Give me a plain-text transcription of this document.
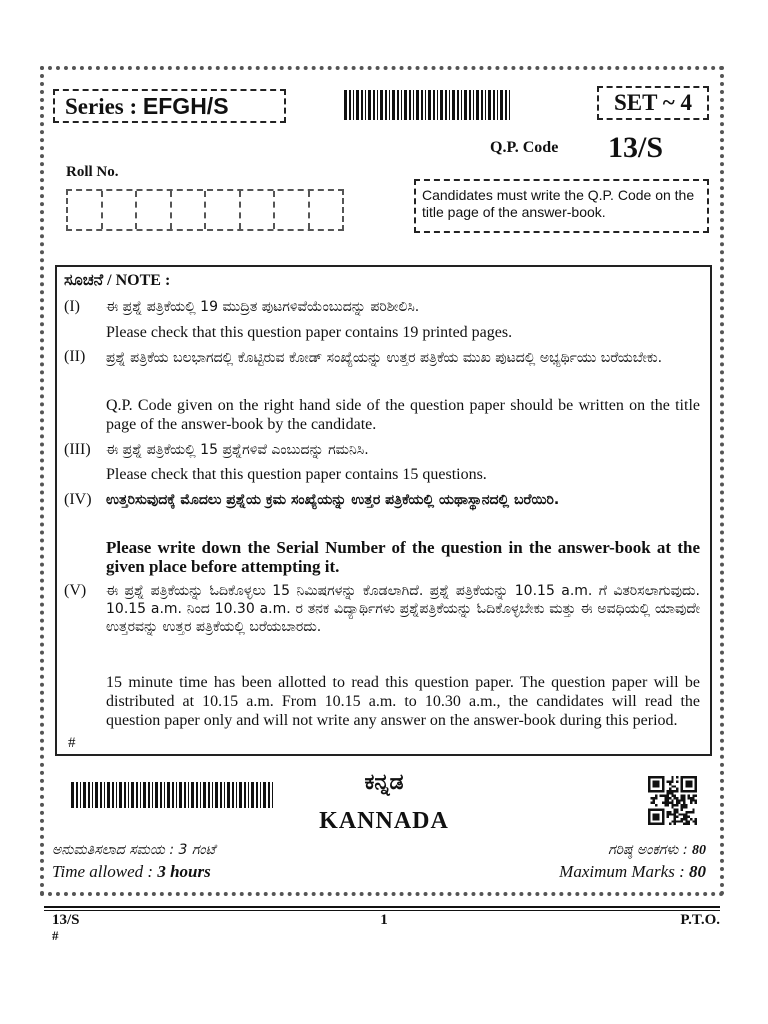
Series : EFGH/S	SET ~ 4
Q.P. Code 13/S
Roll No.
Candidates must write the Q.P. Code on the title page of the answer-book.
ಸೂಚನೆ / NOTE :
(I) ಈ ಪ್ರಶ್ನೆ ಪತ್ರಿಕೆಯಲ್ಲಿ 19 ಮುದ್ರಿತ ಪುಟಗಳಿವೆಯೆಂಬುದನ್ನು ಪರಿಶೀಲಿಸಿ.
Please check that this question paper contains 19 printed pages.
(II) ಪ್ರಶ್ನೆ ಪತ್ರಿಕೆಯ ಬಲಭಾಗದಲ್ಲಿ ಕೊಟ್ಟಿರುವ ಕೋಡ್ ಸಂಖ್ಯೆಯನ್ನು ಉತ್ತರ ಪತ್ರಿಕೆಯ ಮುಖ ಪುಟದಲ್ಲಿ ಅಭ್ಯರ್ಥಿಯು ಬರೆಯಬೇಕು.
Q.P. Code given on the right hand side of the question paper should be written on the title page of the answer-book by the candidate.
(III) ಈ ಪ್ರಶ್ನೆ ಪತ್ರಿಕೆಯಲ್ಲಿ 15 ಪ್ರಶ್ನೆಗಳಿವೆ ಎಂಬುದನ್ನು ಗಮನಿಸಿ.
Please check that this question paper contains 15 questions.
(IV) ಉತ್ತರಿಸುವುದಕ್ಕೆ ಮೊದಲು ಪ್ರಶ್ನೆಯ ಕ್ರಮ ಸಂಖ್ಯೆಯನ್ನು ಉತ್ತರ ಪತ್ರಿಕೆಯಲ್ಲಿ ಯಥಾಸ್ಥಾನದಲ್ಲಿ ಬರೆಯಿರಿ.
Please write down the Serial Number of the question in the answer-book at the given place before attempting it.
(V) ಈ ಪ್ರಶ್ನೆ ಪತ್ರಿಕೆಯನ್ನು ಓದಿಕೊಳ್ಳಲು 15 ನಿಮಿಷಗಳನ್ನು ಕೊಡಲಾಗಿದೆ. ಪ್ರಶ್ನೆ ಪತ್ರಿಕೆಯನ್ನು 10.15 a.m. ಗೆ ವಿತರಿಸಲಾಗುವುದು. 10.15 a.m. ನಿಂದ 10.30 a.m. ರ ತನಕ ವಿದ್ಯಾರ್ಥಿಗಳು ಪ್ರಶ್ನೆಪತ್ರಿಕೆಯನ್ನು ಓದಿಕೊಳ್ಳಬೇಕು ಮತ್ತು ಈ ಅವಧಿಯಲ್ಲಿ ಯಾವುದೇ ಉತ್ತರವನ್ನು ಉತ್ತರ ಪತ್ರಿಕೆಯಲ್ಲಿ ಬರೆಯಬಾರದು.
15 minute time has been allotted to read this question paper. The question paper will be distributed at 10.15 a.m. From 10.15 a.m. to 10.30 a.m., the candidates will read the question paper only and will not write any answer on the answer-book during this period.
#
ಕನ್ನಡ
KANNADA
ಅನುಮತಿಸಲಾದ ಸಮಯ : 3 ಗಂಟೆ	ಗರಿಷ್ಠ ಅಂಕಗಳು : 80
Time allowed : 3 hours	Maximum Marks : 80
13/S
#
1	P.T.O.
